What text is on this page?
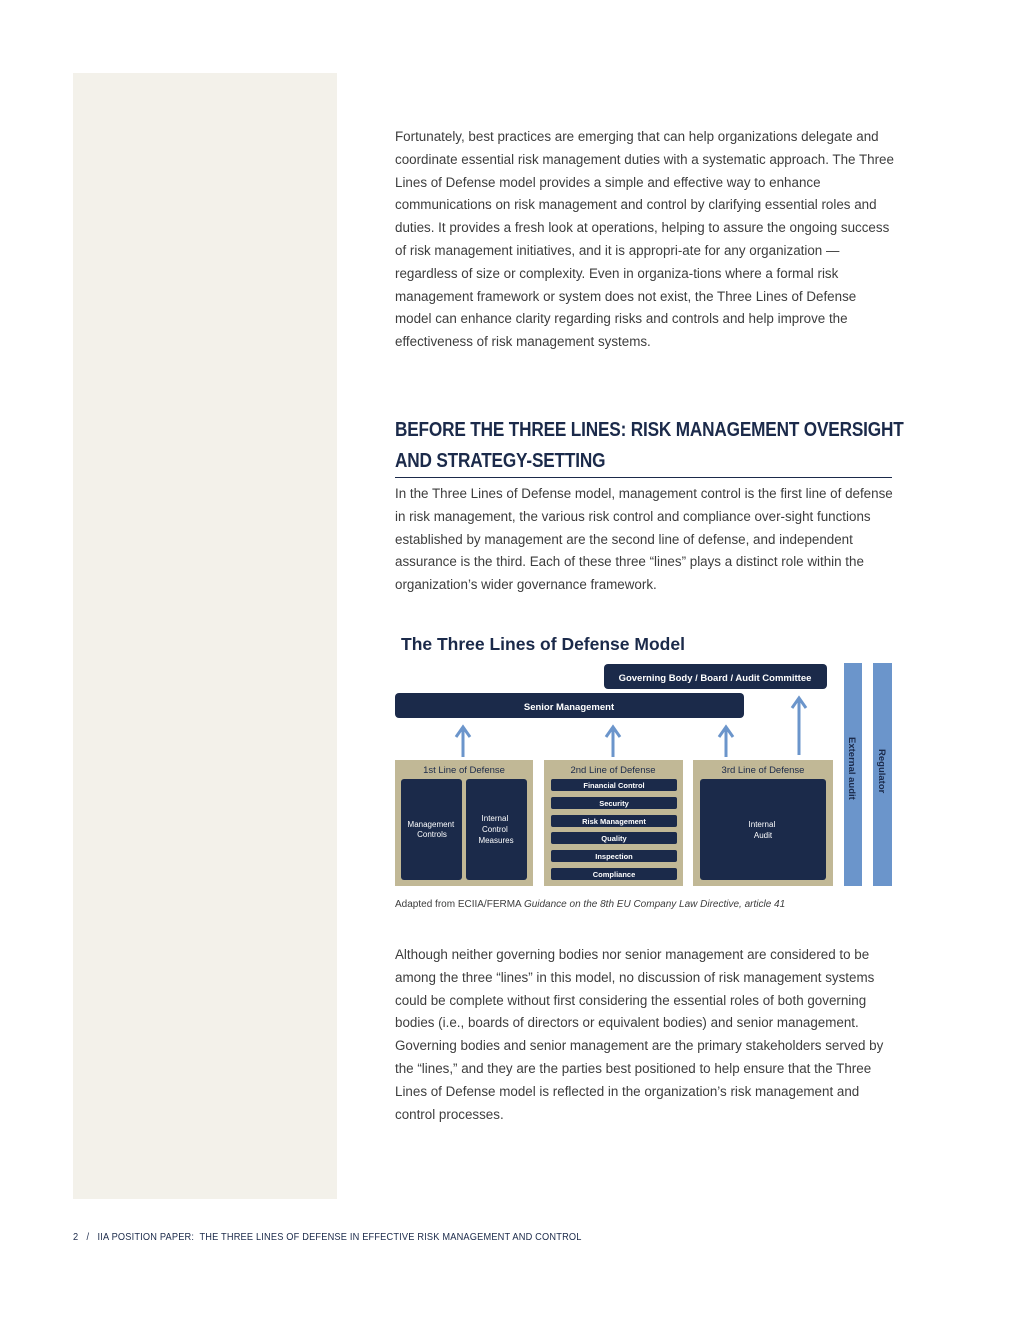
Fortunately, best practices are emerging that can help organizations delegate and coordinate essential risk management duties with a systematic approach. The Three Lines of Defense model provides a simple and effective way to enhance communications on risk management and control by clarifying essential roles and duties. It provides a fresh look at operations, helping to assure the ongoing success of risk management initiatives, and it is appropri-ate for any organization — regardless of size or complexity. Even in organiza-tions where a formal risk management framework or system does not exist, the Three Lines of Defense model can enhance clarity regarding risks and controls and help improve the effectiveness of risk management systems.

BEFORE THE THREE LINES: RISK MANAGEMENT OVERSIGHT
AND STRATEGY-SETTING

In the Three Lines of Defense model, management control is the first line of defense in risk management, the various risk control and compliance over-sight functions established by management are the second line of defense, and independent assurance is the third. Each of these three “lines” plays a distinct role within the organization’s wider governance framework.

The Three Lines of Defense Model
Governing Body / Board / Audit Committee
Senior Management
1st Line of Defense
Management Controls
Internal Control Measures
2nd Line of Defense
Financial Control
Security
Risk Management
Quality
Inspection
Compliance
3rd Line of Defense
Internal Audit
External audit Regulator
Adapted from ECIIA/FERMA Guidance on the 8th EU Company Law Directive, article 41

Although neither governing bodies nor senior management are considered to be among the three “lines” in this model, no discussion of risk management systems could be complete without first considering the essential roles of both governing bodies (i.e., boards of directors or equivalent bodies) and senior management. Governing bodies and senior management are the primary stakeholders served by the “lines,” and they are the parties best positioned to help ensure that the Three Lines of Defense model is reflected in the organization’s risk management and control processes.

2   /   IIA POSITION PAPER:  THE THREE LINES OF DEFENSE IN EFFECTIVE RISK MANAGEMENT AND CONTROL
